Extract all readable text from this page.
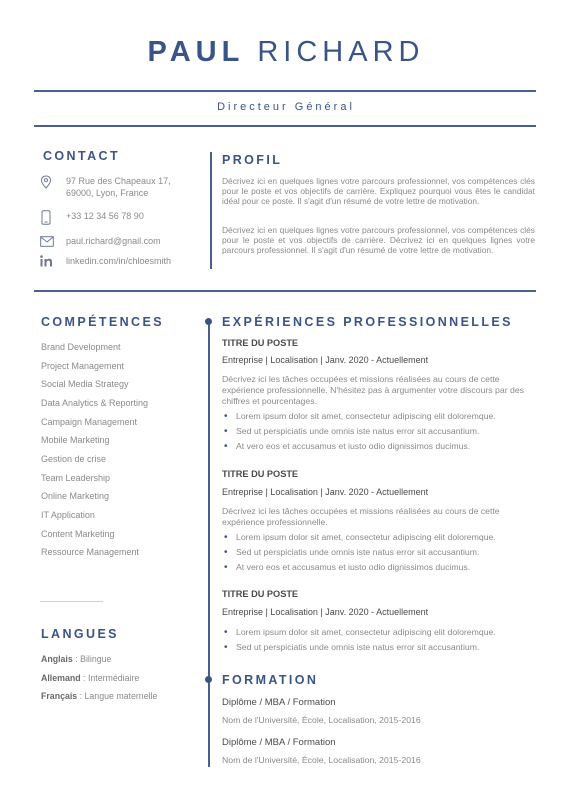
PAUL RICHARD
Directeur Général
CONTACT
97 Rue des Chapeaux 17,
69000, Lyon, France
+33 12 34 56 78 90
paul.richard@gnail.com
linkedin.com/in/chloesmith
PROFIL
Décrivez ici en quelques lignes votre parcours professionnel, vos compétences clés pour le poste et vos objectifs de carrière. Expliquez pourquoi vous êtes le candidat idéal pour ce poste. Il s'agit d'un résumé de votre lettre de motivation.
Décrivez ici en quelques lignes votre parcours professionnel, vos compétences clés pour le poste et vos objectifs de carrière. Décrivez ici en quelques lignes votre parcours professionnel. Il s'agit d'un résumé de votre lettre de motivation.
COMPÉTENCES
Brand Development
Project Management
Social Media Strategy
Data Analytics & Reporting
Campaign Management
Mobile Marketing
Gestion de crise
Team Leadership
Online Marketing
IT Application
Content Marketing
Ressource Management
LANGUES
Anglais : Bilingue
Allemand : Intermédiaire
Français : Langue maternelle
EXPÉRIENCES PROFESSIONNELLES
TITRE DU POSTE
Entreprise | Localisation | Janv. 2020 - Actuellement
Décrivez ici les tâches occupées et missions réalisées au cours de cette expérience professionnelle. N'hésitez pas à argumenter votre discours par des chiffres et pourcentages.
• Lorem ipsum dolor sit amet, consectetur adipiscing elit doloremque.
• Sed ut perspiciatis unde omnis iste natus error sit accusantium.
• At vero eos et accusamus et iusto odio dignissimos ducimus.
TITRE DU POSTE
Entreprise | Localisation | Janv. 2020 - Actuellement
Décrivez ici les tâches occupées et missions réalisées au cours de cette expérience professionnelle.
• Lorem ipsum dolor sit amet, consectetur adipiscing elit doloremque.
• Sed ut perspiciatis unde omnis iste natus error sit accusantium.
• At vero eos et accusamus et iusto odio dignissimos ducimus.
TITRE DU POSTE
Entreprise | Localisation | Janv. 2020 - Actuellement
• Lorem ipsum dolor sit amet, consectetur adipiscing elit doloremque.
• Sed ut perspiciatis unde omnis iste natus error sit accusantium.
FORMATION
Diplôme / MBA / Formation
Nom de l'Université, École, Localisation, 2015-2016
Diplôme / MBA / Formation
Nom de l'Université, École, Localisation, 2015-2016
